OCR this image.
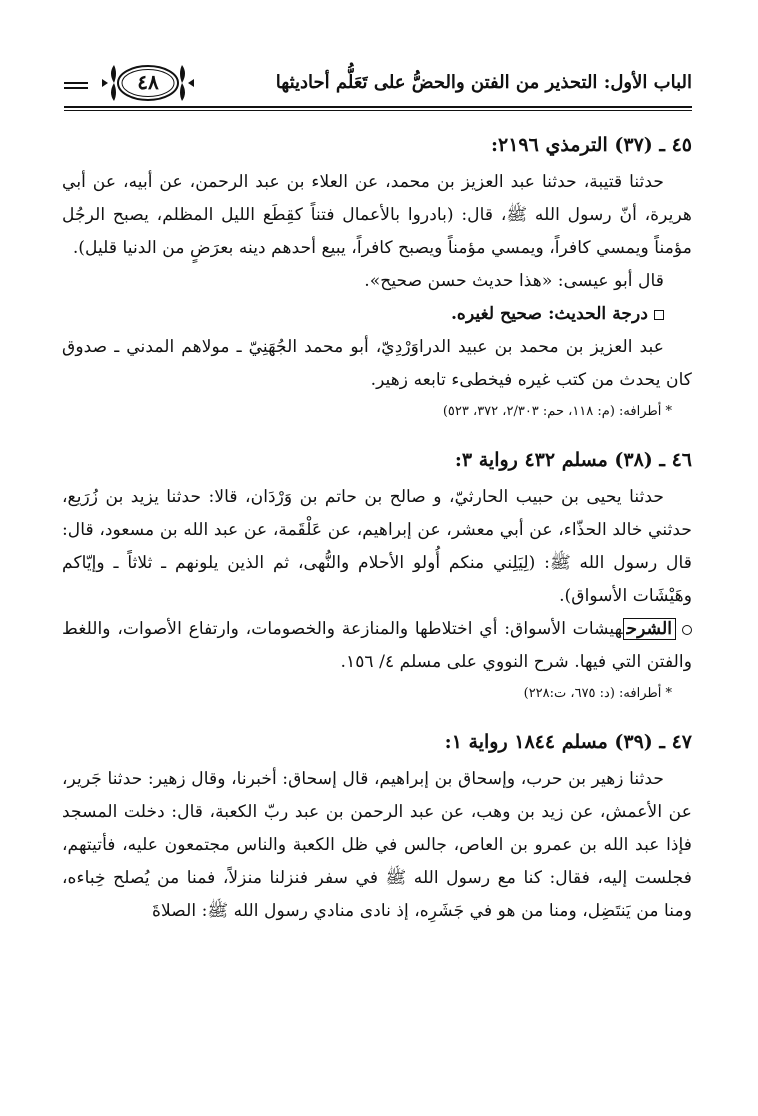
الباب الأول: التحذير من الفتن والحضُّ على تَعَلُّم أحاديثها
٤٨
٤٥ ـ (٣٧) الترمذي ٢١٩٦:

حدثنا قتيبة، حدثنا عبد العزيز بن محمد، عن العلاء بن عبد الرحمن، عن أبيه، عن أبي هريرة، أنّ رسول الله ﷺ، قال: (بادروا بالأعمال فتناً كقِطَع الليل المظلم، يصبح الرجُل مؤمناً ويمسي كافراً، ويمسي مؤمناً ويصبح كافراً، يبيع أحدهم دينه بعرَضٍ من الدنيا قليل).

قال أبو عيسى: «هذا حديث حسن صحيح».

درجة الحديث: صحيح لغيره.

عبد العزيز بن محمد بن عبيد الدراوَرْدِيّ، أبو محمد الجُهَنِيّ ـ مولاهم المدني ـ صدوق كان يحدث من كتب غيره فيخطىء تابعه زهير.

* أطرافه: (م: ١١٨، حم: ٢/٣٠٣، ٣٧٢، ٥٢٣)

٤٦ ـ (٣٨) مسلم ٤٣٢ رواية ٣:

حدثنا يحيى بن حبيب الحارثيّ، و صالح بن حاتم بن وَرْدَان، قالا: حدثنا يزيد بن زُرَيع، حدثني خالد الحذّاء، عن أبي معشر، عن إبراهيم، عن عَلْقَمة، عن عبد الله بن مسعود، قال: قال رسول الله ﷺ: (لِيَلِني منكم أُولو الأحلام والنُّهى، ثم الذين يلونهم ـ ثلاثاً ـ وإيّاكم وهَيْشَات الأسواق).

الشرحهيشات الأسواق: أي اختلاطها والمنازعة والخصومات، وارتفاع الأصوات، واللغط والفتن التي فيها. شرح النووي على مسلم ٤/ ١٥٦.

* أطرافه: (د: ٦٧٥، ت:٢٢٨)

٤٧ ـ (٣٩) مسلم ١٨٤٤ رواية ١:

حدثنا زهير بن حرب، وإسحاق بن إبراهيم، قال إسحاق: أخبرنا، وقال زهير: حدثنا جَرير، عن الأعمش، عن زيد بن وهب، عن عبد الرحمن بن عبد ربّ الكعبة، قال: دخلت المسجد فإذا عبد الله بن عمرو بن العاص، جالس في ظل الكعبة والناس مجتمعون عليه، فأتيتهم، فجلست إليه، فقال: كنا مع رسول الله ﷺ في سفر فنزلنا منزلاً، فمنا من يُصلح خِباءه، ومنا من يَنتَضِل، ومنا من هو في جَشَرِه، إذ نادى منادي رسول الله ﷺ: الصلاةَ
